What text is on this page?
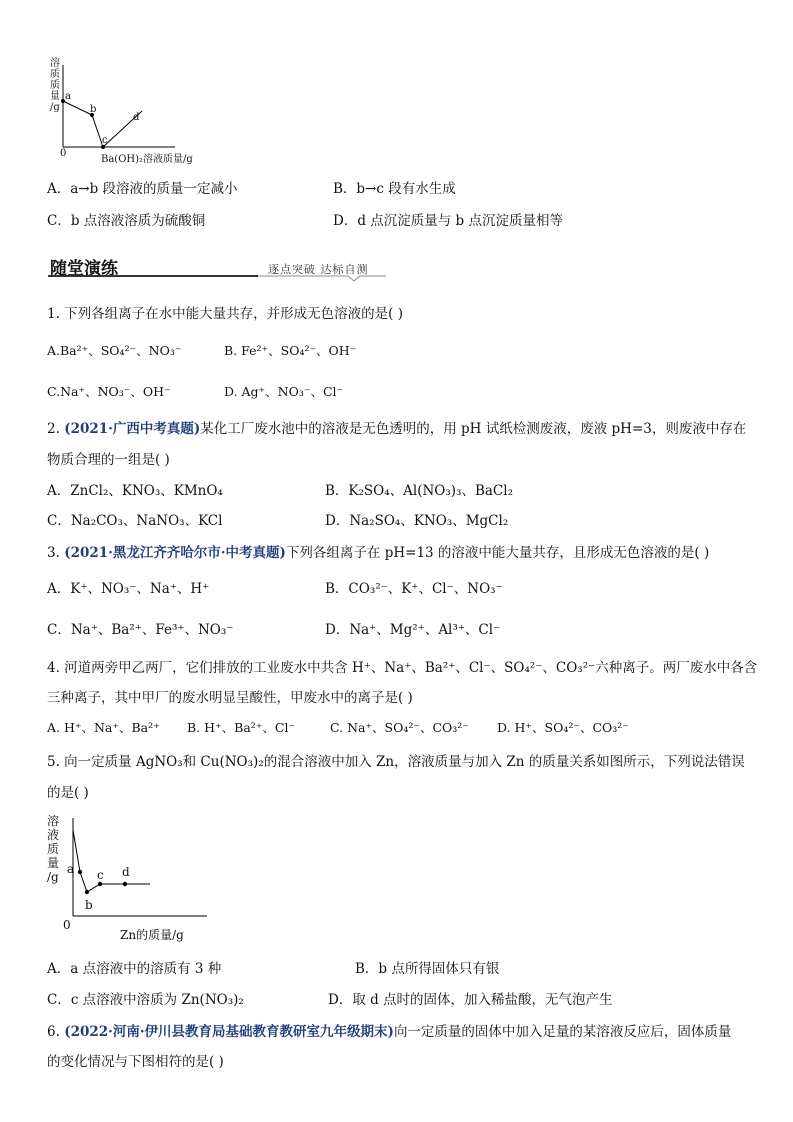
溶
质
质
量
/g
0
Ba(OH)₂溶液质量/g
a
b
c
d
A．a→b 段溶液的质量一定减小	B．b→c 段有水生成
C．b 点溶液溶质为硫酸铜	D．d 点沉淀质量与 b 点沉淀质量相等
随堂演练	逐点突破 达标自测
1. 下列各组离子在水中能大量共存，并形成无色溶液的是( )
A.Ba²⁺、SO₄²⁻、NO₃⁻	B. Fe²⁺、SO₄²⁻、OH⁻
C.Na⁺、NO₃⁻、OH⁻	D. Ag⁺、NO₃⁻、Cl⁻
2. (2021·广西中考真题)某化工厂废水池中的溶液是无色透明的，用 pH 试纸检测废液，废液 pH=3，则废液中存在
物质合理的一组是( )
A．ZnCl₂、KNO₃、KMnO₄	B．K₂SO₄、Al(NO₃)₃、BaCl₂
C．Na₂CO₃、NaNO₃、KCl	D．Na₂SO₄、KNO₃、MgCl₂
3. (2021·黑龙江齐齐哈尔市·中考真题)下列各组离子在 pH=13 的溶液中能大量共存，且形成无色溶液的是( )
A．K⁺、NO₃⁻、Na⁺、H⁺	B．CO₃²⁻、K⁺、Cl⁻、NO₃⁻
C．Na⁺、Ba²⁺、Fe³⁺、NO₃⁻	D．Na⁺、Mg²⁺、Al³⁺、Cl⁻
4. 河道两旁甲乙两厂，它们排放的工业废水中共含 H⁺、Na⁺、Ba²⁺、Cl⁻、SO₄²⁻、CO₃²⁻六种离子。两厂废水中各含
三种离子，其中甲厂的废水明显呈酸性，甲废水中的离子是( )
A. H⁺、Na⁺、Ba²⁺ B. H⁺、Ba²⁺、Cl⁻	C. Na⁺、SO₄²⁻、CO₃²⁻ D. H⁺、SO₄²⁻、CO₃²⁻
5. 向一定质量 AgNO₃和 Cu(NO₃)₂的混合溶液中加入 Zn，溶液质量与加入 Zn 的质量关系如图所示，下列说法错误
的是( )
溶
液
质
量
/g
0
Zn的质量/g
a
b
c d
A．a 点溶液中的溶质有 3 种	B．b 点所得固体只有银
C．c 点溶液中溶质为 Zn(NO₃)₂	D．取 d 点时的固体，加入稀盐酸，无气泡产生
6. (2022·河南·伊川县教育局基础教育教研室九年级期末)向一定质量的固体中加入足量的某溶液反应后，固体质量
的变化情况与下图相符的是( )
